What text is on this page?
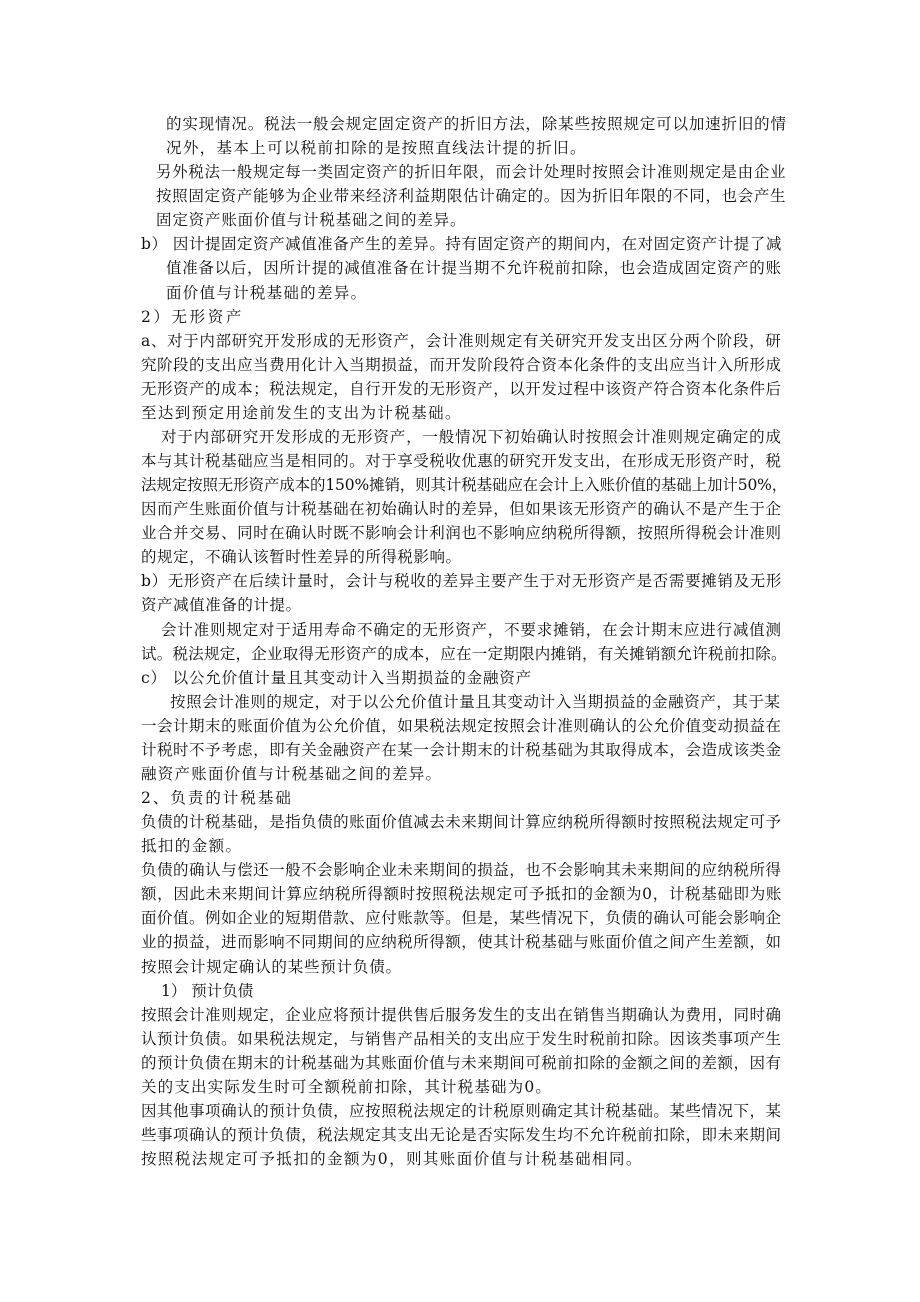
的实现情况。税法一般会规定固定资产的折旧方法，除某些按照规定可以加速折旧的情
况外，基本上可以税前扣除的是按照直线法计提的折旧。
另外税法一般规定每一类固定资产的折旧年限，而会计处理时按照会计准则规定是由企业
按照固定资产能够为企业带来经济利益期限估计确定的。因为折旧年限的不同，也会产生
固定资产账面价值与计税基础之间的差异。
b） 因计提固定资产减值准备产生的差异。持有固定资产的期间内，在对固定资产计提了减
值准备以后，因所计提的减值准备在计提当期不允许税前扣除，也会造成固定资产的账
面价值与计税基础的差异。
2）无形资产
a、对于内部研究开发形成的无形资产，会计准则规定有关研究开发支出区分两个阶段，研
究阶段的支出应当费用化计入当期损益，而开发阶段符合资本化条件的支出应当计入所形成
无形资产的成本；税法规定，自行开发的无形资产，以开发过程中该资产符合资本化条件后
至达到预定用途前发生的支出为计税基础。
对于内部研究开发形成的无形资产，一般情况下初始确认时按照会计准则规定确定的成
本与其计税基础应当是相同的。对于享受税收优惠的研究开发支出，在形成无形资产时，税
法规定按照无形资产成本的150%摊销，则其计税基础应在会计上入账价值的基础上加计50%，
因而产生账面价值与计税基础在初始确认时的差异，但如果该无形资产的确认不是产生于企
业合并交易、同时在确认时既不影响会计利润也不影响应纳税所得额，按照所得税会计准则
的规定，不确认该暂时性差异的所得税影响。
b）无形资产在后续计量时，会计与税收的差异主要产生于对无形资产是否需要摊销及无形
资产减值准备的计提。
会计准则规定对于适用寿命不确定的无形资产，不要求摊销，在会计期末应进行减值测
试。税法规定，企业取得无形资产的成本，应在一定期限内摊销，有关摊销额允许税前扣除。
c） 以公允价值计量且其变动计入当期损益的金融资产
按照会计准则的规定，对于以公允价值计量且其变动计入当期损益的金融资产，其于某
一会计期末的账面价值为公允价值，如果税法规定按照会计准则确认的公允价值变动损益在
计税时不予考虑，即有关金融资产在某一会计期末的计税基础为其取得成本，会造成该类金
融资产账面价值与计税基础之间的差异。
2、负责的计税基础
负债的计税基础，是指负债的账面价值减去未来期间计算应纳税所得额时按照税法规定可予
抵扣的金额。
负债的确认与偿还一般不会影响企业未来期间的损益，也不会影响其未来期间的应纳税所得
额，因此未来期间计算应纳税所得额时按照税法规定可予抵扣的金额为0，计税基础即为账
面价值。例如企业的短期借款、应付账款等。但是，某些情况下，负债的确认可能会影响企
业的损益，进而影响不同期间的应纳税所得额，使其计税基础与账面价值之间产生差额，如
按照会计规定确认的某些预计负债。
1） 预计负债
按照会计准则规定，企业应将预计提供售后服务发生的支出在销售当期确认为费用，同时确
认预计负债。如果税法规定，与销售产品相关的支出应于发生时税前扣除。因该类事项产生
的预计负债在期末的计税基础为其账面价值与未来期间可税前扣除的金额之间的差额，因有
关的支出实际发生时可全额税前扣除，其计税基础为0。
因其他事项确认的预计负债，应按照税法规定的计税原则确定其计税基础。某些情况下，某
些事项确认的预计负债，税法规定其支出无论是否实际发生均不允许税前扣除，即未来期间
按照税法规定可予抵扣的金额为0，则其账面价值与计税基础相同。
